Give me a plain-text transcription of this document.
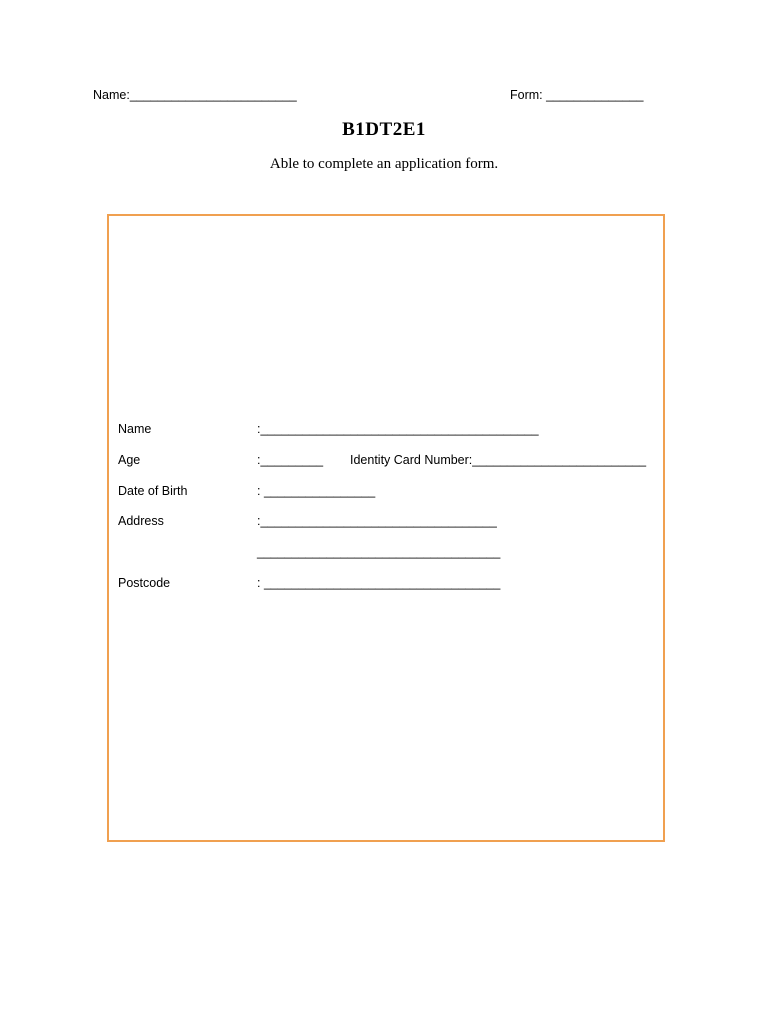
Name:________________________	Form: ______________
B1DT2E1
Able to complete an application form.
Name	:________________________________________
Age	:_________ Identity Card Number:_________________________
Date of Birth	: ________________
Address	:__________________________________
___________________________________
Postcode	: __________________________________
